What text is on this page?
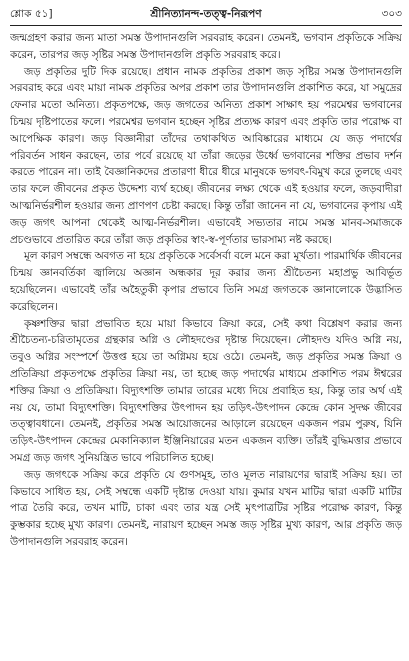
শ্লোক ৫১]	শ্রীনিত্যানন্দ-তত্ত্ব-নিরূপণ	৩০৩

জন্মগ্রহণ করার জন্য মাতা সমস্ত উপাদানগুলি সরবরাহ করেন। তেমনই, ভগবান প্রকৃতিকে সক্রিয় করেন, তারপর জড় সৃষ্টির সমস্ত উপাদানগুলি প্রকৃতি সরবরাহ করে।

জড় প্রকৃতির দুটি দিক রয়েছে। প্রধান নামক প্রকৃতির প্রকাশ জড় সৃষ্টির সমস্ত উপাদানগুলি সরবরাহ করে এবং মায়া নামক প্রকৃতির অপর প্রকাশ তার উপাদানগুলি প্রকাশিত করে, যা সমুদ্রের ফেনার মতো অনিত্য। প্রকৃতপক্ষে, জড় জগতের অনিত্য প্রকাশ সাক্ষাৎ হয় পরমেশ্বর ভগবানের চিন্ময় দৃষ্টিপাতের ফলে। পরমেশ্বর ভগবান হচ্ছেন সৃষ্টির প্রত্যক্ষ কারণ এবং প্রকৃতি তার পরোক্ষ বা আপেক্ষিক কারণ। জড় বিজ্ঞানীরা তাঁদের তথাকথিত আবিষ্কারের মাধ্যমে যে জড় পদার্থের পরিবর্তন সাধন করছেন, তার পর্বে রয়েছে যা তাঁরা জড়ের উর্ধ্বে ভগবানের শক্তির প্রভাব দর্শন করতে পারেন না। তাই বৈজ্ঞানিকদের প্রতারণা ধীরে ধীরে মানুষকে ভগবৎ-বিমুখ করে তুলছে এবং তার ফলে জীবনের প্রকৃত উদ্দেশ্য ব্যর্থ হচ্ছে। জীবনের লক্ষ্য থেকে এই হওয়ার ফলে, জড়বাদীরা আত্মনির্ভরশীল হওয়ার জন্য প্রাণপণ চেষ্টা করছে। কিন্তু তাঁরা জানেন না যে, ভগবানের কৃপায় এই জড় জগৎ আপনা থেকেই আত্ম-নির্ভরশীল। এভাবেই সভ্যতার নামে সমস্ত মানব-সমাজকে প্রচণ্ডভাবে প্রতারিত করে তাঁরা জড় প্রকৃতির স্বাং-স্ব-পূর্ণতার ভারসাম্য নষ্ট করছে।

মূল কারণ সম্বন্ধে অবগত না হয়ে প্রকৃতিকে সর্বেসর্বা বলে মনে করা মূর্খতা। পারমার্থিক জীবনের চিন্ময় জ্ঞানবর্তিকা জ্বালিয়ে অজ্ঞান অন্ধকার দূর করার জন্য শ্রীচৈতন্য মহাপ্রভু আবির্ভূত হয়েছিলেন। এভাবেই তাঁর অহৈতুকী কৃপার প্রভাবে তিনি সমগ্র জগতকে জ্ঞানালোকে উদ্ভাসিত করেছিলেন।

কৃষ্ণশক্তির দ্বারা প্রভাবিত হয়ে মায়া কিভাবে ক্রিয়া করে, সেই কথা বিশ্লেষণ করার জন্য শ্রীচৈতন্য-চরিতামৃতের গ্রন্থকার অগ্নি ও লৌহদণ্ডের দৃষ্টান্ত দিয়েছেন। লৌহদণ্ড যদিও অগ্নি নয়, তবুও অগ্নির সংস্পর্শে উত্তপ্ত হয়ে তা অগ্নিময় হয়ে ওঠে। তেমনই, জড় প্রকৃতির সমস্ত ক্রিয়া ও প্রতিক্রিয়া প্রকৃতপক্ষে প্রকৃতির ক্রিয়া নয়, তা হচ্ছে জড় পদার্থের মাধ্যমে প্রকাশিত পরম ঈশ্বরের শক্তির ক্রিয়া ও প্রতিক্রিয়া। বিদ্যুৎশক্তি তামার তারের মধ্যে দিয়ে প্রবাহিত হয়, কিন্তু তার অর্থ এই নয় যে, তামা বিদ্যুৎশক্তি। বিদ্যুৎশক্তির উৎপাদন হয় তড়িৎ-উৎপাদন কেন্দ্রে কোন সুদক্ষ জীবের তত্ত্বাবধানে। তেমনই, প্রকৃতির সমস্ত আয়োজনের আড়ালে রয়েছেন একজন পরম পুরুষ, যিনি তড়িৎ-উৎপাদন কেন্দ্রের মেকানিক্যাল ইঞ্জিনিয়ারের মতন একজন ব্যক্তি। তাঁরই বুদ্ধিমত্তার প্রভাবে সমগ্র জড় জগৎ সুনিয়ন্ত্রিত ভাবে পরিচালিত হচ্ছে।

জড় জগৎকে সক্রিয় করে প্রকৃতি যে গুণসমূহ, তাও মূলত নারায়ণের দ্বারাই সক্রিয় হয়। তা কিভাবে সাধিত হয়, সেই সম্বন্ধে একটি দৃষ্টান্ত দেওয়া যায়। কুমার যখন মাটির দ্বারা একটি মাটির পাত্র তৈরি করে, তখন মাটি, চাকা এবং তার যন্ত্র সেই মৃৎপাত্রটির সৃষ্টির পরোক্ষ কারণ, কিন্তু কুম্ভকার হচ্ছে মুখ্য কারণ। তেমনই, নারায়ণ হচ্ছেন সমস্ত জড় সৃষ্টির মুখ্য কারণ, আর প্রকৃতি জড় উপাদানগুলি সরবরাহ করেন।
